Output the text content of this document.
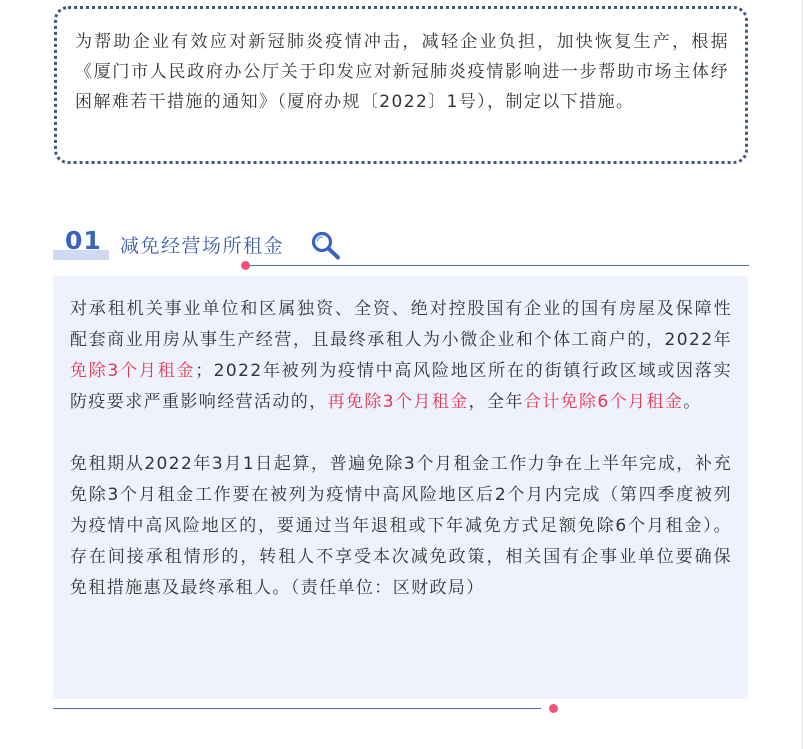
为帮助企业有效应对新冠肺炎疫情冲击，减轻企业负担，加快恢复生产，根据《厦门市人民政府办公厅关于印发应对新冠肺炎疫情影响进一步帮助市场主体纾困解难若干措施的通知》（厦府办规〔2022〕1号），制定以下措施。

01 减免经营场所租金

对承租机关事业单位和区属独资、全资、绝对控股国有企业的国有房屋及保障性配套商业用房从事生产经营，且最终承租人为小微企业和个体工商户的，2022年免除3个月租金；2022年被列为疫情中高风险地区所在的街镇行政区域或因落实防疫要求严重影响经营活动的，再免除3个月租金，全年合计免除6个月租金。

免租期从2022年3月1日起算，普遍免除3个月租金工作力争在上半年完成，补充免除3个月租金工作要在被列为疫情中高风险地区后2个月内完成（第四季度被列为疫情中高风险地区的，要通过当年退租或下年减免方式足额免除6个月租金）。存在间接承租情形的，转租人不享受本次减免政策，相关国有企事业单位要确保免租措施惠及最终承租人。（责任单位：区财政局）
